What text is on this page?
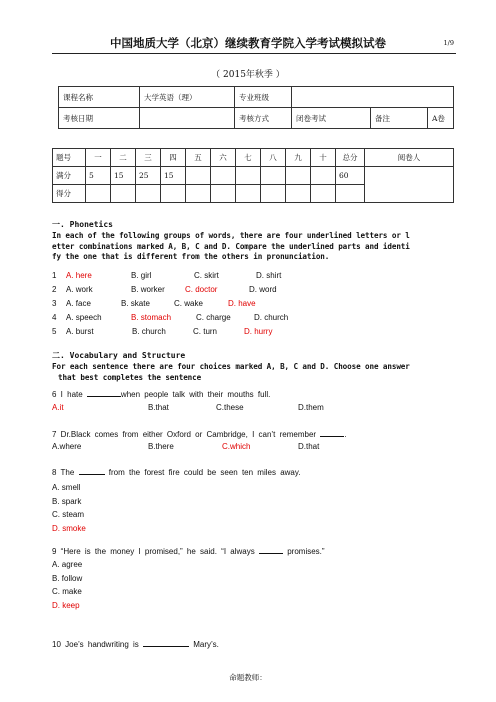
中国地质大学（北京）继续教育学院入学考试模拟试卷	1/9
（ 2015年秋季 ）
课程名称	大学英语（理）	专业班级			
考核日期		考核方式	闭卷考试	备注	A卷
题号	一	二	三	四	五	六	七	八	九	十	总分	阅卷人
满分	5	15	25	15							60	
得分												
一. Phonetics
In each of the following groups of words, there are four underlined letters or l
etter combinations marked A, B, C and D. Compare the underlined parts and identi
fy the one that is different from the others in pronunciation.
1 A. here	B. girl	C. skirt	D. shirt
2 A. work	B. worker	C. doctor	D. word
3 A. face	B. skate	C. wake	D. have
4 A. speech	B. stomach	C. charge	D. church
5 A. burst	B. church	C. turn	D. hurry
二. Vocabulary and Structure
For each sentence there are four choices marked A, B, C and D. Choose one answer
that best completes the sentence
6 I hate	when people talk with their mouths full.
A.it	B.that	C.these	D.them
7 Dr.Black comes from either Oxford or Cambridge, I can’t remember	.
A.where	B.there	C.which	D.that
8 The	from the forest fire could be seen ten miles away.
A. smell
B. spark
C. steam
D. smoke
9 “Here is the money I promised,” he said. “I always	promises.”
A. agree
B. follow
C. make
D. keep
10 Joe’s handwriting is	Mary’s.
命题教师：
